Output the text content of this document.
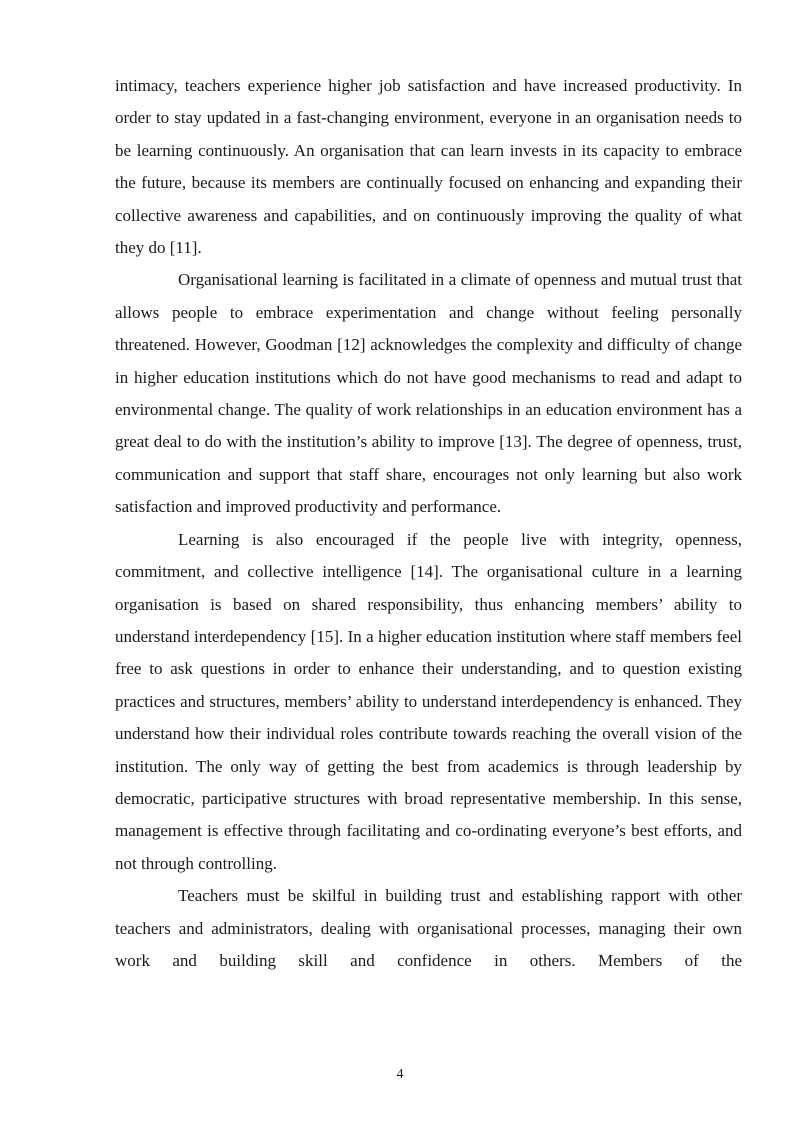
intimacy, teachers experience higher job satisfaction and have increased productivity. In order to stay updated in a fast-changing environment, everyone in an organisation needs to be learning continuously. An organisation that can learn invests in its capacity to embrace the future, because its members are continually focused on enhancing and expanding their collective awareness and capabilities, and on continuously improving the quality of what they do [11].

Organisational learning is facilitated in a climate of openness and mutual trust that allows people to embrace experimentation and change without feeling personally threatened. However, Goodman [12] acknowledges the complexity and difficulty of change in higher education institutions which do not have good mechanisms to read and adapt to environmental change. The quality of work relationships in an education environment has a great deal to do with the institution’s ability to improve [13]. The degree of openness, trust, communication and support that staff share, encourages not only learning but also work satisfaction and improved productivity and performance.

Learning is also encouraged if the people live with integrity, openness, commitment, and collective intelligence [14]. The organisational culture in a learning organisation is based on shared responsibility, thus enhancing members’ ability to understand interdependency [15]. In a higher education institution where staff members feel free to ask questions in order to enhance their understanding, and to question existing practices and structures, members’ ability to understand interdependency is enhanced. They understand how their individual roles contribute towards reaching the overall vision of the institution. The only way of getting the best from academics is through leadership by democratic, participative structures with broad representative membership. In this sense, management is effective through facilitating and co-ordinating everyone’s best efforts, and not through controlling.

Teachers must be skilful in building trust and establishing rapport with other teachers and administrators, dealing with organisational processes, managing their own work and building skill and confidence in others. Members of the

4
